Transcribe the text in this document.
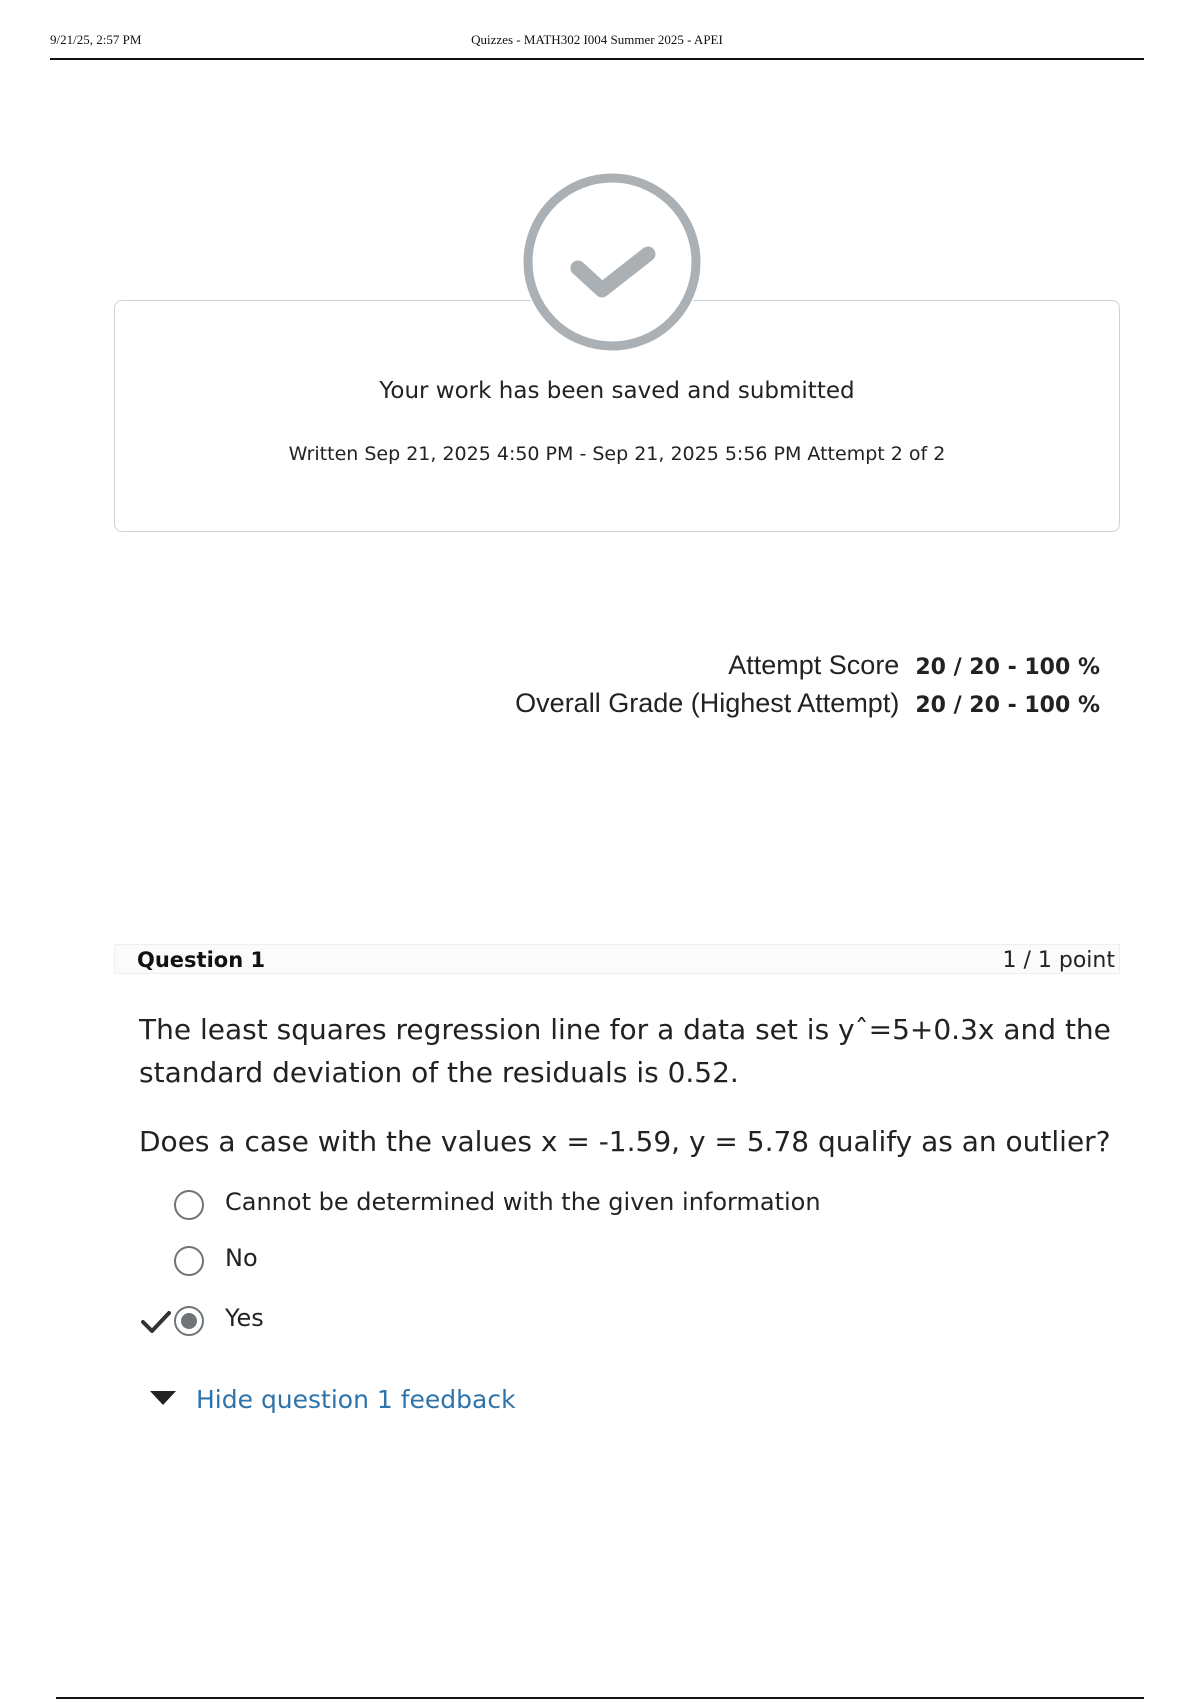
9/21/25, 2:57 PM	Quizzes - MATH302 I004 Summer 2025 - APEI
Your work has been saved and submitted
Written Sep 21, 2025 4:50 PM - Sep 21, 2025 5:56 PM Attempt 2 of 2
Attempt Score 20 / 20 - 100 %
Overall Grade (Highest Attempt) 20 / 20 - 100 %
Question 1	1 / 1 point
The least squares regression line for a data set is yˆ=5+0.3x and the standard deviation of the residuals is 0.52.
Does a case with the values x = -1.59, y = 5.78 qualify as an outlier?
Cannot be determined with the given information
No
Yes
Hide question 1 feedback
